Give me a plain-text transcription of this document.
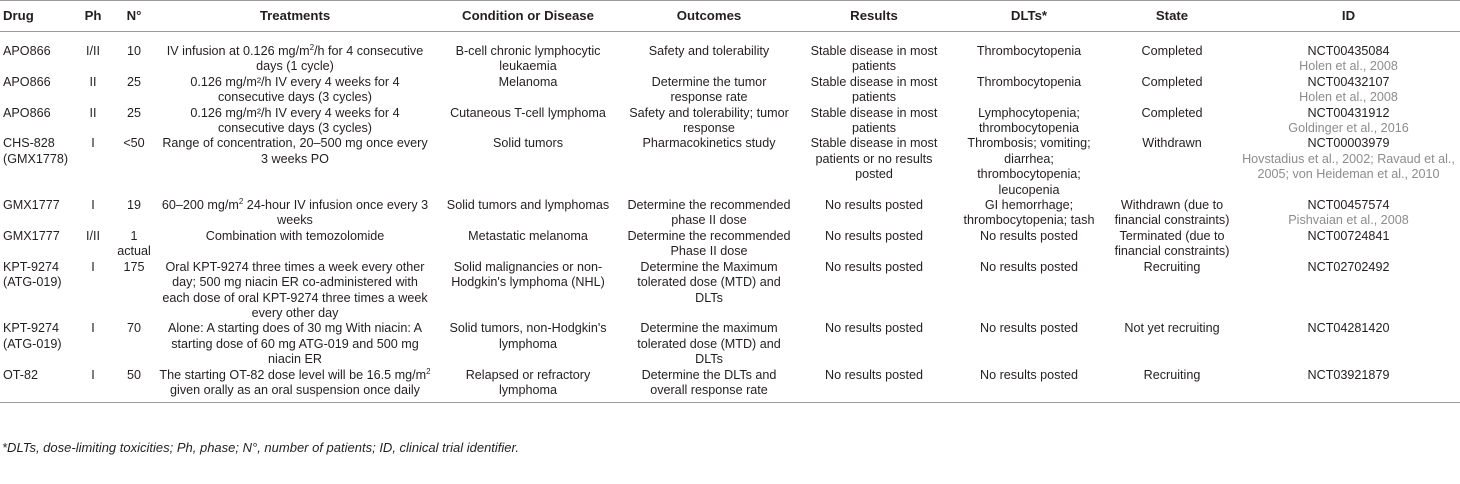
Drug	Ph	N°	Treatments	Condition or Disease	Outcomes	Results	DLTs*	State	ID
APO866	I/II	10	IV infusion at 0.126 $mg/m^2/h$ for 4 consecutive days (1 cycle)	B-cell chronic lymphocytic leukaemia	Safety and tolerability	Stable disease in most patients	Thrombocytopenia	Completed	NCT00435084
Holen et al., 2008

APO866	II	25	0.126 mg/m²/h IV every 4 weeks for 4 consecutive days (3 cycles)	Melanoma	Determine the tumor response rate	Stable disease in most patients	Thrombocytopenia	Completed	NCT00432107
Holen et al., 2008

APO866	II	25	0.126 mg/m²/h IV every 4 weeks for 4 consecutive days (3 cycles)	Cutaneous T-cell lymphoma	Safety and tolerability; tumor response	Stable disease in most patients	Lymphocytopenia; thrombocytopenia	Completed	NCT00431912
Goldinger et al., 2016

CHS-828 (GMX1778)	I	<50	Range of concentration, 20–500 mg once every 3 weeks PO	Solid tumors	Pharmacokinetics study	Stable disease in most patients or no results posted	Thrombosis; vomiting; diarrhea; thrombocytopenia; leucopenia	Withdrawn	NCT00003979
Hovstadius et al., 2002; Ravaud et al., 2005; von Heideman et al., 2010

GMX1777	I	19	60–200 $mg/m^2$ 24-hour IV infusion once every 3 weeks	Solid tumors and lymphomas	Determine the recommended phase II dose	No results posted	GI hemorrhage; thrombocytopenia; tash	Withdrawn (due to financial constraints)	NCT00457574
Pishvaian et al., 2008

GMX1777	I/II	1 actual	Combination with temozolomide	Metastatic melanoma	Determine the recommended Phase II dose	No results posted	No results posted	Terminated (due to financial constraints)	NCT00724841

KPT-9274 (ATG-019)	I	175	Oral KPT-9274 three times a week every other day; 500 mg niacin ER co-administered with each dose of oral KPT-9274 three times a week every other day	Solid malignancies or non-Hodgkin's lymphoma (NHL)	Determine the Maximum tolerated dose (MTD) and DLTs	No results posted	No results posted	Recruiting	NCT02702492

KPT-9274 (ATG-019)	I	70	Alone: A starting does of 30 mg With niacin: A starting dose of 60 mg ATG-019 and 500 mg niacin ER	Solid tumors, non-Hodgkin's lymphoma	Determine the maximum tolerated dose (MTD) and DLTs	No results posted	No results posted	Not yet recruiting	NCT04281420

OT-82	I	50	The starting OT-82 dose level will be 16.5 $mg/m^2$ given orally as an oral suspension once daily	Relapsed or refractory lymphoma	Determine the DLTs and overall response rate	No results posted	No results posted	Recruiting	NCT03921879
*DLTs, dose-limiting toxicities; Ph, phase; N°, number of patients; ID, clinical trial identifier.
